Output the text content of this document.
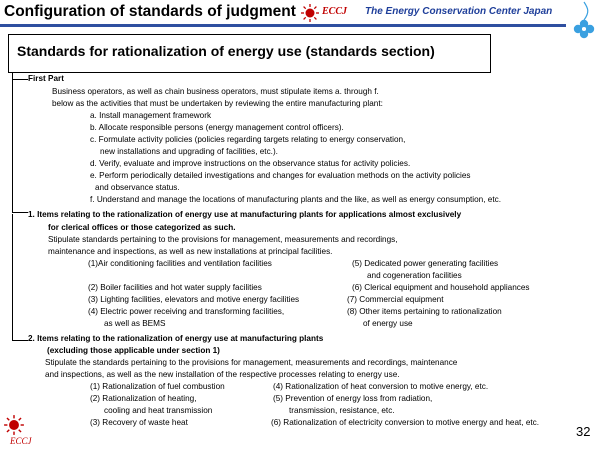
Configuration of standards of judgment	ECCJ The Energy Conservation Center Japan
Standards for rationalization of energy use (standards section)
First Part
Business operators, as well as chain business operators, must stipulate items a. through f.
below as the activities that must be undertaken by reviewing the entire manufacturing plant:
a. Install management framework
b. Allocate responsible persons (energy management control officers).
c. Formulate activity policies (policies regarding targets relating to energy conservation,
new installations and upgrading of facilities, etc.).
d. Verify, evaluate and improve instructions on the observance status for activity policies.
e. Perform periodically detailed investigations and changes for evaluation methods on the activity policies
and observance status.
f. Understand and manage the locations of manufacturing plants and the like, as well as energy consumption, etc.
1. Items relating to the rationalization of energy use at manufacturing plants for applications almost exclusively
for clerical offices or those categorized as such.
Stipulate standards pertaining to the provisions for management, measurements and recordings,
maintenance and inspections, as well as new installations at principal facilities.
(1)Air conditioning facilities and ventilation facilities
(2) Boiler facilities and hot water supply facilities
(3) Lighting facilities, elevators and motive energy facilities
(4) Electric power receiving and transforming facilities,
as well as BEMS
(5) Dedicated power generating facilities
and cogeneration facilities
(6) Clerical equipment and household appliances
(7) Commercial equipment
(8) Other items pertaining to rationalization
of energy use
2. Items relating to the rationalization of energy use at manufacturing plants
(excluding those applicable under section 1)
Stipulate the standards pertaining to the provisions for management, measurements and recordings, maintenance
and inspections, as well as the new installation of the respective processes relating to energy use.
(1) Rationalization of fuel combustion
(2) Rationalization of heating,
cooling and heat transmission
(3) Recovery of waste heat
(4) Rationalization of heat conversion to motive energy, etc.
(5) Prevention of energy loss from radiation,
transmission, resistance, etc.
(6) Rationalization of electricity conversion to motive energy and heat, etc.
ECCJ
32
